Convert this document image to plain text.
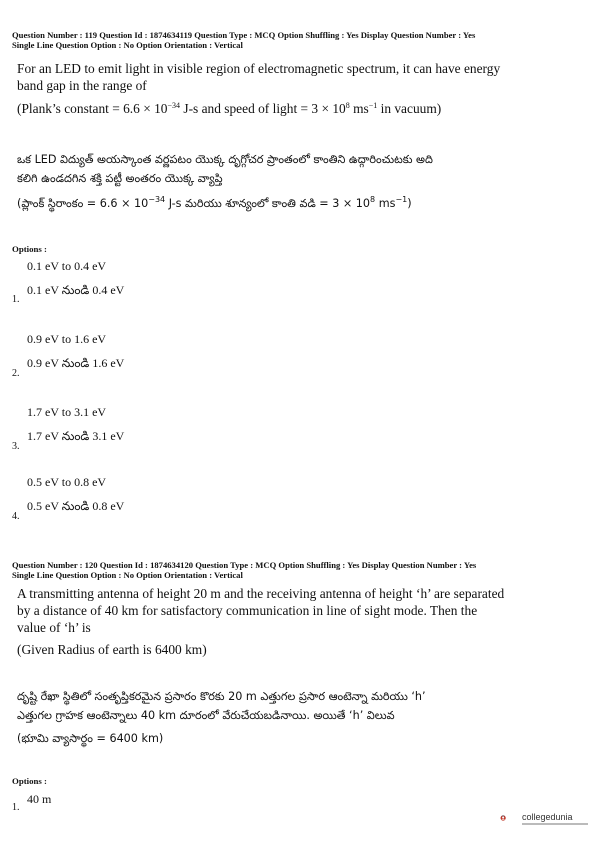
Question Number : 119 Question Id : 1874634119 Question Type : MCQ Option Shuffling : Yes Display Question Number : Yes
Single Line Question Option : No Option Orientation : Vertical
For an LED to emit light in visible region of electromagnetic spectrum, it can have energy
band gap in the range of
(Plank’s constant = $6.6 \times 10^{-34}$ J-s and speed of light = $3 \times 10^8$ $ms^{-1}$ in vacuum)
ఒక LED విద్యుత్ అయస్కాంత వర్ణపటం యొక్క దృగ్గోచర ప్రాంతంలో కాంతిని ఉద్గారించుటకు అది
కలిగి ఉండదగిన శక్తి పట్టీ అంతరం యొక్క వ్యాప్తి
(ప్లాంక్ స్థిరాంకం = $6.6 \times 10^{-34}$ J-s మరియు శూన్యంలో కాంతి వడి = $3 \times 10^8$ $ms^{-1}$)
Options :
0.1 eV to 0.4 eV
0.1 eV నుండి 0.4 eV
1.
0.9 eV to 1.6 eV
0.9 eV నుండి 1.6 eV
2.
1.7 eV to 3.1 eV
1.7 eV నుండి 3.1 eV
3.
0.5 eV to 0.8 eV
0.5 eV నుండి 0.8 eV
4.
Question Number : 120 Question Id : 1874634120 Question Type : MCQ Option Shuffling : Yes Display Question Number : Yes
Single Line Question Option : No Option Orientation : Vertical
A transmitting antenna of height 20 m and the receiving antenna of height ‘h’ are separated
by a distance of 40 km for satisfactory communication in line of sight mode. Then the
value of ‘h’ is
(Given Radius of earth is 6400 km)
దృష్టి రేఖా స్థితిలో సంతృప్తికరమైన ప్రసారం కొరకు 20 m ఎత్తుగల ప్రసార ఆంటెన్నా మరియు ‘h’
ఎత్తుగల గ్రాహక ఆంటెన్నాలు 40 km దూరంలో వేరుచేయబడినాయి. అయితే ‘h’ విలువ
(భూమి వ్యాసార్థం = 6400 km)
Options :
40 m
1.
collegedunia
